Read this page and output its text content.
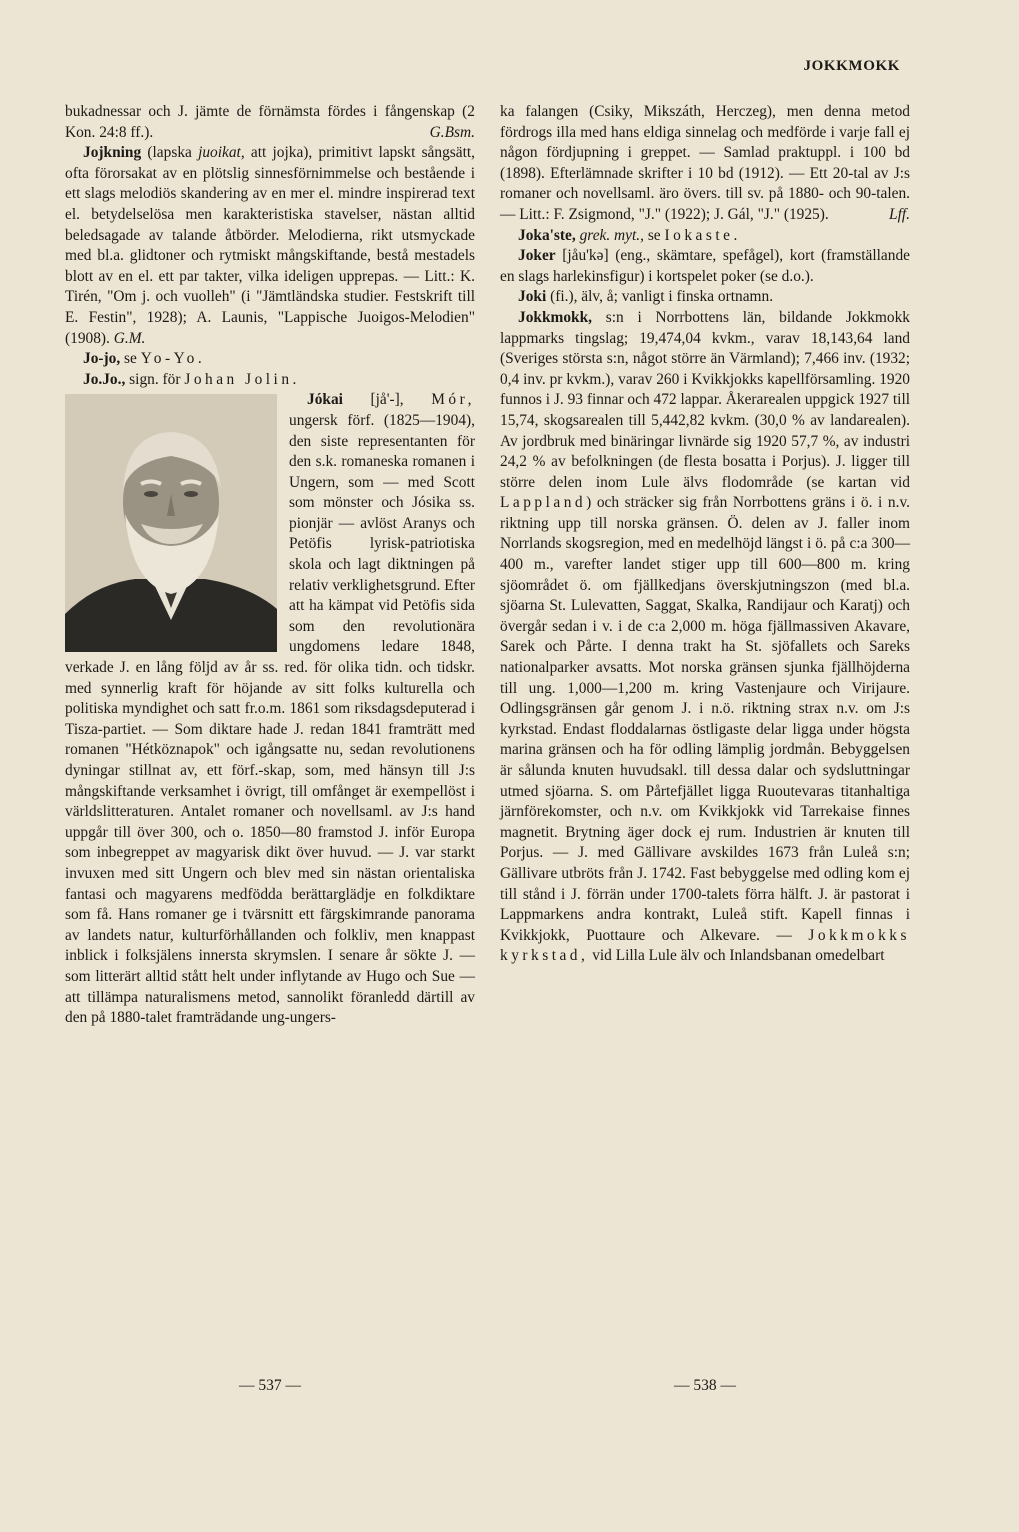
JOKKMOKK

bukadnessar och J. jämte de förnämsta fördes i fångenskap (2 Kon. 24:8 ff.).	G.Bsm.

Jojkning (lapska juoikat, att jojka), primitivt lapskt sångsätt, ofta förorsakat av en plötslig sinnesförnimmelse och bestående i ett slags melodiös skandering av en mer el. mindre inspirerad text el. betydelselösa men karakteristiska stavelser, nästan alltid beledsagade av talande åtbörder. Melodierna, rikt utsmyckade med bl.a. glidtoner och rytmiskt mångskiftande, bestå mestadels blott av en el. ett par takter, vilka ideligen upprepas. — Litt.: K. Tirén, "Om j. och vuolleh" (i "Jämtländska studier. Festskrift till E. Festin", 1928); A. Launis, "Lappische Juoigos-Melodien" (1908). G.M.

Jo-jo, se Yo-Yo.

Jo.Jo., sign. för Johan Jolin.

Jókai [jå'-], Mór,
ungersk förf. (1825—1904), den siste representanten för den s.k. romaneska romanen i Ungern, som — med Scott som mönster och Jósika ss. pionjär — avlöst Aranys och Petöfis lyrisk-patriotiska skola och lagt diktningen på relativ verklighetsgrund. Efter att ha kämpat vid Petöfis sida som den revolutionära ungdomens ledare 1848, verkade J. en lång följd av år ss. red. för olika tidn. och tidskr. med synnerlig kraft för höjande av sitt folks kulturella och politiska myndighet och satt fr.o.m. 1861 som riksdagsdeputerad i Tisza-partiet. — Som diktare hade J. redan 1841 framträtt med romanen "Hétköznapok" och igångsatte nu, sedan revolutionens dyningar stillnat av, ett förf.-skap, som, med hänsyn till J:s mångskiftande verksamhet i övrigt, till omfånget är exempellöst i världslitteraturen. Antalet romaner och novellsaml. av J:s hand uppgår till över 300, och o. 1850—80 framstod J. inför Europa som inbegreppet av magyarisk dikt över huvud. — J. var starkt invuxen med sitt Ungern och blev med sin nästan orientaliska fantasi och magyarens medfödda berättarglädje en folkdiktare som få. Hans romaner ge i tvärsnitt ett färgskimrande panorama av landets natur, kulturförhållanden och folkliv, men knappast inblick i folksjälens innersta skrymslen. I senare år sökte J. — som litterärt alltid stått helt under inflytande av Hugo och Sue — att tillämpa naturalismens metod, sannolikt föranledd därtill av den på 1880-talet framträdande ung-ungers-

ka falangen (Csiky, Mikszáth, Herczeg), men denna metod fördrogs illa med hans eldiga sinnelag och medförde i varje fall ej någon fördjupning i greppet. — Samlad praktuppl. i 100 bd (1898). Efterlämnade skrifter i 10 bd (1912). — Ett 20-tal av J:s romaner och novellsaml. äro övers. till sv. på 1880- och 90-talen. — Litt.: F. Zsigmond, "J." (1922); J. Gál, "J." (1925).	Lff.

Joka'ste, grek. myt., se Iokaste.

Joker [jåu'kə] (eng., skämtare, spefågel), kort (framställande en slags harlekinsfigur) i kortspelet poker (se d.o.).

Joki (fi.), älv, å; vanligt i finska ortnamn.

Jokkmokk, s:n i Norrbottens län, bildande Jokkmokk lappmarks tingslag; 19,474,04 kvkm., varav 18,143,64 land (Sveriges största s:n, något större än Värmland); 7,466 inv. (1932; 0,4 inv. pr kvkm.), varav 260 i Kvikkjokks kapellförsamling. 1920 funnos i J. 93 finnar och 472 lappar. Åkerarealen uppgick 1927 till 15,74, skogsarealen till 5,442,82 kvkm. (30,0 % av landarealen). Av jordbruk med binäringar livnärde sig 1920 57,7 %, av industri 24,2 % av befolkningen (de flesta bosatta i Porjus). J. ligger till större delen inom Lule älvs flodområde (se kartan vid Lappland) och sträcker sig från Norrbottens gräns i ö. i n.v. riktning upp till norska gränsen. Ö. delen av J. faller inom Norrlands skogsregion, med en medelhöjd längst i ö. på c:a 300—400 m., varefter landet stiger upp till 600—800 m. kring sjöområdet ö. om fjällkedjans överskjutningszon (med bl.a. sjöarna St. Lulevatten, Saggat, Skalka, Randijaur och Karatj) och övergår sedan i v. i de c:a 2,000 m. höga fjällmassiven Akavare, Sarek och Pårte. I denna trakt ha St. sjöfallets och Sareks nationalparker avsatts. Mot norska gränsen sjunka fjällhöjderna till ung. 1,000—1,200 m. kring Vastenjaure och Virijaure. Odlingsgränsen går genom J. i n.ö. riktning strax n.v. om J:s kyrkstad. Endast floddalarnas östligaste delar ligga under högsta marina gränsen och ha för odling lämplig jordmån. Bebyggelsen är sålunda knuten huvudsakl. till dessa dalar och sydsluttningar utmed sjöarna. S. om Pårtefjället ligga Ruoutevaras titanhaltiga järnförekomster, och n.v. om Kvikkjokk vid Tarrekaise finnes magnetit. Brytning äger dock ej rum. Industrien är knuten till Porjus. — J. med Gällivare avskildes 1673 från Luleå s:n; Gällivare utbröts från J. 1742. Fast bebyggelse med odling kom ej till stånd i J. förrän under 1700-talets förra hälft. J. är pastorat i Lappmarkens andra kontrakt, Luleå stift. Kapell finnas i Kvikkjokk, Puottaure och Alkevare. — Jokkmokks kyrkstad, vid Lilla Lule älv och Inlandsbanan omedelbart

— 537 —	— 538 —
